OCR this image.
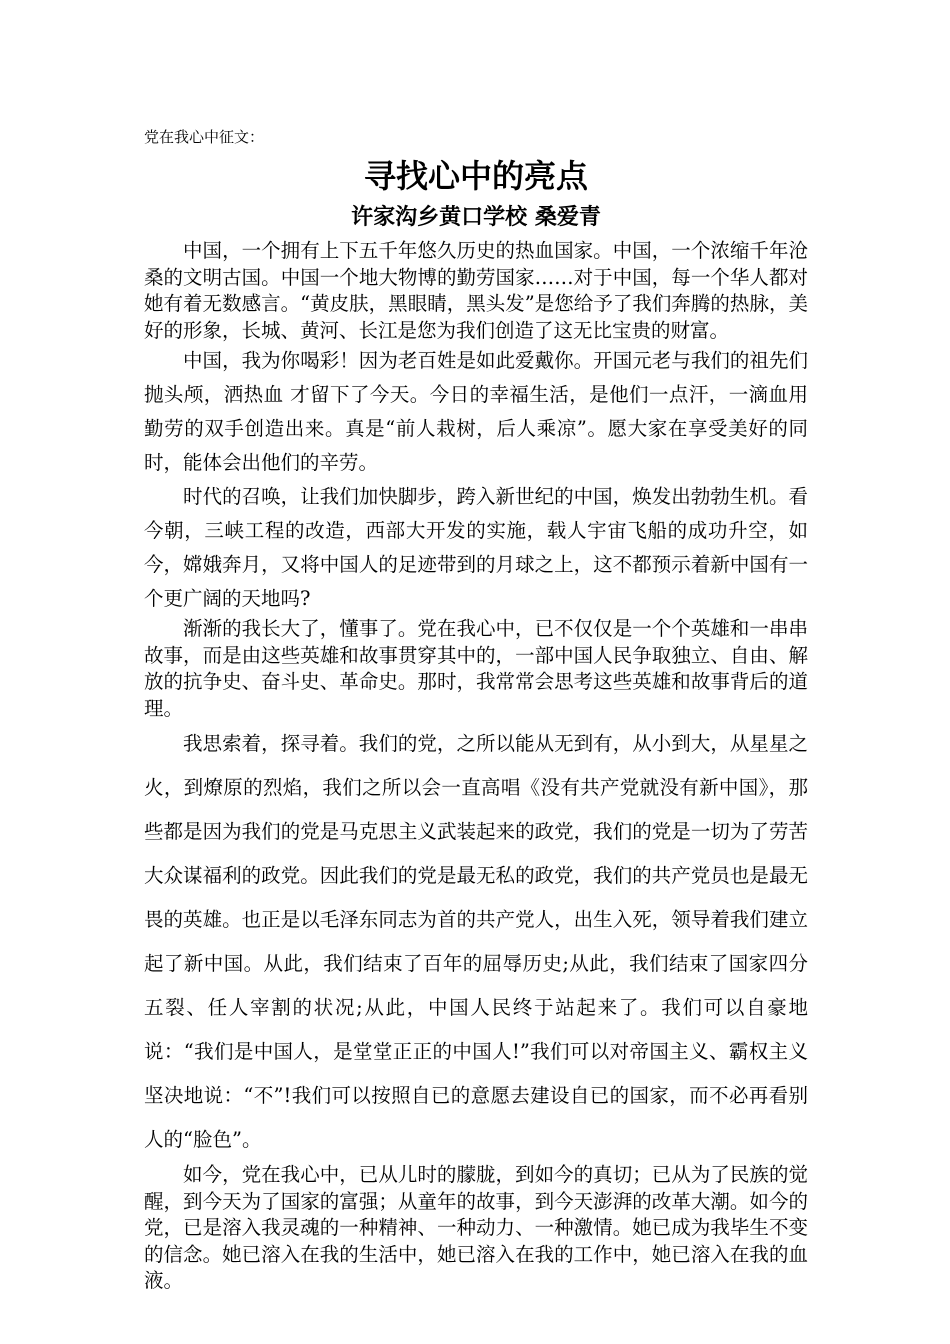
党在我心中征文：

寻找心中的亮点
许家沟乡黄口学校 桑爱青

中国，一个拥有上下五千年悠久历史的热血国家。中国，一个浓缩千年沧桑的文明古国。中国一个地大物博的勤劳国家……对于中国，每一个华人都对她有着无数感言。“黄皮肤，黑眼睛，黑头发”是您给予了我们奔腾的热脉，美好的形象，长城、黄河、长江是您为我们创造了这无比宝贵的财富。

中国，我为你喝彩！因为老百姓是如此爱戴你。开国元老与我们的祖先们抛头颅，洒热血 才留下了今天。今日的幸福生活，是他们一点汗，一滴血用勤劳的双手创造出来。真是“前人栽树，后人乘凉”。愿大家在享受美好的同时，能体会出他们的辛劳。

时代的召唤，让我们加快脚步，跨入新世纪的中国，焕发出勃勃生机。看今朝，三峡工程的改造，西部大开发的实施，载人宇宙飞船的成功升空，如今，嫦娥奔月，又将中国人的足迹带到的月球之上，这不都预示着新中国有一个更广阔的天地吗?

渐渐的我长大了，懂事了。党在我心中，已不仅仅是一个个英雄和一串串故事，而是由这些英雄和故事贯穿其中的，一部中国人民争取独立、自由、解放的抗争史、奋斗史、革命史。那时，我常常会思考这些英雄和故事背后的道理。

我思索着，探寻着。我们的党，之所以能从无到有，从小到大，从星星之火，到燎原的烈焰，我们之所以会一直高唱《没有共产党就没有新中国》，那些都是因为我们的党是马克思主义武装起来的政党，我们的党是一切为了劳苦大众谋福利的政党。因此我们的党是最无私的政党，我们的共产党员也是最无畏的英雄。也正是以毛泽东同志为首的共产党人，出生入死，领导着我们建立起了新中国。从此，我们结束了百年的屈辱历史;从此，我们结束了国家四分五裂、任人宰割的状况;从此，中国人民终于站起来了。我们可以自豪地说：“我们是中国人，是堂堂正正的中国人!”我们可以对帝国主义、霸权主义坚决地说：“不”!我们可以按照自已的意愿去建设自已的国家，而不必再看别人的“脸色”。

如今，党在我心中，已从儿时的朦胧，到如今的真切；已从为了民族的觉醒，到今天为了国家的富强；从童年的故事，到今天澎湃的改革大潮。如今的党，已是溶入我灵魂的一种精神、一种动力、一种激情。她已成为我毕生不变的信念。她已溶入在我的生活中，她已溶入在我的工作中，她已溶入在我的血液。
